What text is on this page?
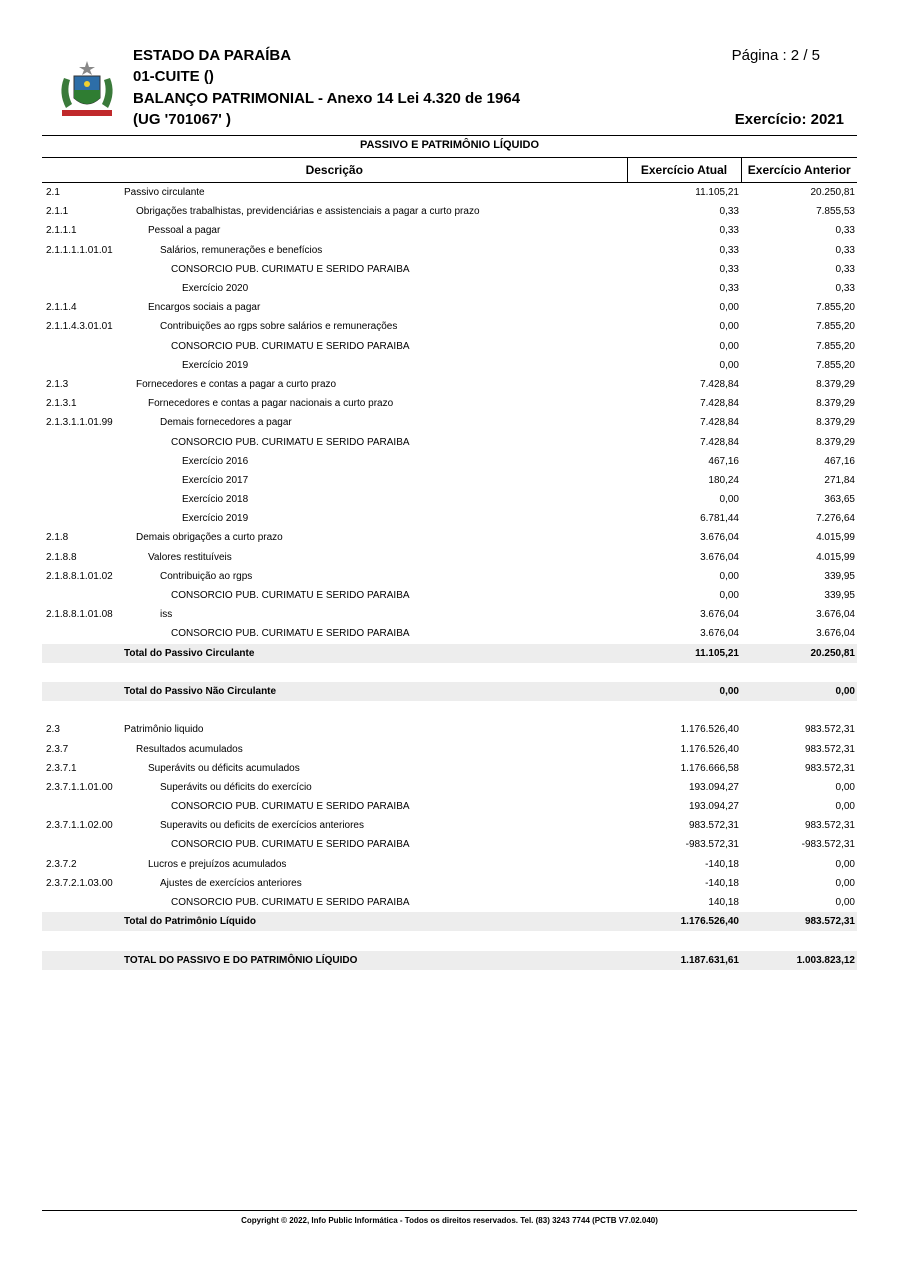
ESTADO DA PARAÍBA
01-CUITE ()
BALANÇO PATRIMONIAL - Anexo 14 Lei 4.320 de 1964
(UG '701067' )
Página : 2 / 5
Exercício: 2021
PASSIVO E PATRIMÔNIO LÍQUIDO
Descrição		Exercício Atual	Exercício Anterior
2.1	Passivo circulante	11.105,21	20.250,81
2.1.1	Obrigações trabalhistas, previdenciárias e assistenciais a pagar a curto prazo	0,33	7.855,53
2.1.1.1	Pessoal a pagar	0,33	0,33
2.1.1.1.1.01.01	Salários, remunerações e benefícios	0,33	0,33
	CONSORCIO PUB. CURIMATU E SERIDO PARAIBA	0,33	0,33
	Exercício 2020	0,33	0,33
2.1.1.4	Encargos sociais a pagar	0,00	7.855,20
2.1.1.4.3.01.01	Contribuições ao rgps sobre salários e remunerações	0,00	7.855,20
	CONSORCIO PUB. CURIMATU E SERIDO PARAIBA	0,00	7.855,20
	Exercício 2019	0,00	7.855,20
2.1.3	Fornecedores e contas a pagar a curto prazo	7.428,84	8.379,29
2.1.3.1	Fornecedores e contas a pagar nacionais a curto prazo	7.428,84	8.379,29
2.1.3.1.1.01.99	Demais fornecedores a pagar	7.428,84	8.379,29
	CONSORCIO PUB. CURIMATU E SERIDO PARAIBA	7.428,84	8.379,29
	Exercício 2016	467,16	467,16
	Exercício 2017	180,24	271,84
	Exercício 2018	0,00	363,65
	Exercício 2019	6.781,44	7.276,64
2.1.8	Demais obrigações a curto prazo	3.676,04	4.015,99
2.1.8.8	Valores restituíveis	3.676,04	4.015,99
2.1.8.8.1.01.02	Contribuição ao rgps	0,00	339,95
	CONSORCIO PUB. CURIMATU E SERIDO PARAIBA	0,00	339,95
2.1.8.8.1.01.08	iss	3.676,04	3.676,04
	CONSORCIO PUB. CURIMATU E SERIDO PARAIBA	3.676,04	3.676,04
	Total do Passivo Circulante	11.105,21	20.250,81

	Total do Passivo Não Circulante	0,00	0,00

2.3	Patrimônio liquido	1.176.526,40	983.572,31
2.3.7	Resultados acumulados	1.176.526,40	983.572,31
2.3.7.1	Superávits ou déficits acumulados	1.176.666,58	983.572,31
2.3.7.1.1.01.00	Superávits ou déficits do exercício	193.094,27	0,00
	CONSORCIO PUB. CURIMATU E SERIDO PARAIBA	193.094,27	0,00
2.3.7.1.1.02.00	Superavits ou deficits de exercícios anteriores	983.572,31	983.572,31
	CONSORCIO PUB. CURIMATU E SERIDO PARAIBA	-983.572,31	-983.572,31
2.3.7.2	Lucros e prejuízos acumulados	-140,18	0,00
2.3.7.2.1.03.00	Ajustes de exercícios anteriores	-140,18	0,00
	CONSORCIO PUB. CURIMATU E SERIDO PARAIBA	140,18	0,00
	Total do Patrimônio Líquido	1.176.526,40	983.572,31

	TOTAL DO PASSIVO E DO PATRIMÔNIO LÍQUIDO	1.187.631,61	1.003.823,12
Copyright © 2022, Info Public Informática - Todos os direitos reservados. Tel. (83) 3243 7744 (PCTB V7.02.040)
